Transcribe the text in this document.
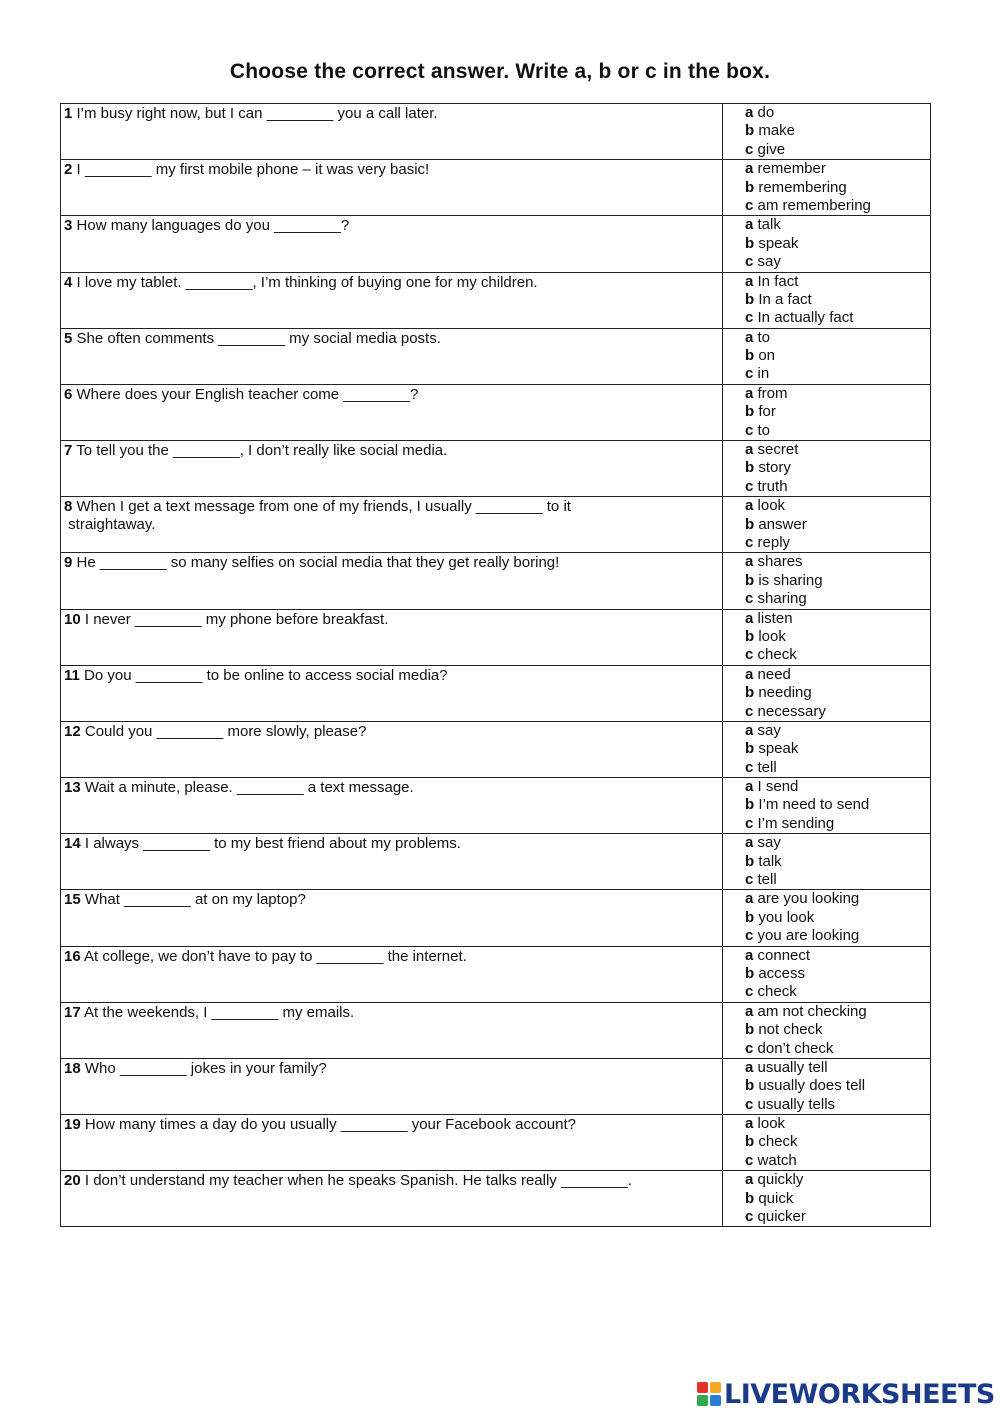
Choose the correct answer. Write a, b or c in the box.
1 I’m busy right now, but I can ________ you a call later.	a do
b make
c give

2 I ________ my first mobile phone – it was very basic!	a remember
b remembering
c am remembering

3 How many languages do you ________?	a talk
b speak
c say

4 I love my tablet. ________, I’m thinking of buying one for my children.	a In fact
b In a fact
c In actually fact

5 She often comments ________ my social media posts.	a to
b on
c in

6 Where does your English teacher come ________?	a from
b for
c to

7 To tell you the ________, I don’t really like social media.	a secret
b story
c truth

8 When I get a text message from one of my friends, I usually ________ to it
straightaway.	a look
b answer
c reply

9 He ________ so many selfies on social media that they get really boring!	a shares
b is sharing
c sharing

10 I never ________ my phone before breakfast.	a listen
b look
c check

11 Do you ________ to be online to access social media?	a need
b needing
c necessary

12 Could you ________ more slowly, please?	a say
b speak
c tell

13 Wait a minute, please. ________ a text message.	a I send
b I’m need to send
c I’m sending

14 I always ________ to my best friend about my problems.	a say
b talk
c tell

15 What ________ at on my laptop?	a are you looking
b you look
c you are looking

16 At college, we don’t have to pay to ________ the internet.	a connect
b access
c check

17 At the weekends, I ________ my emails.	a am not checking
b not check
c don’t check

18 Who ________ jokes in your family?	a usually tell
b usually does tell
c usually tells

19 How many times a day do you usually ________ your Facebook account?	a look
b check
c watch

20 I don’t understand my teacher when he speaks Spanish. He talks really ________.	a quickly
b quick
c quicker
LIVEWORKSHEETS
